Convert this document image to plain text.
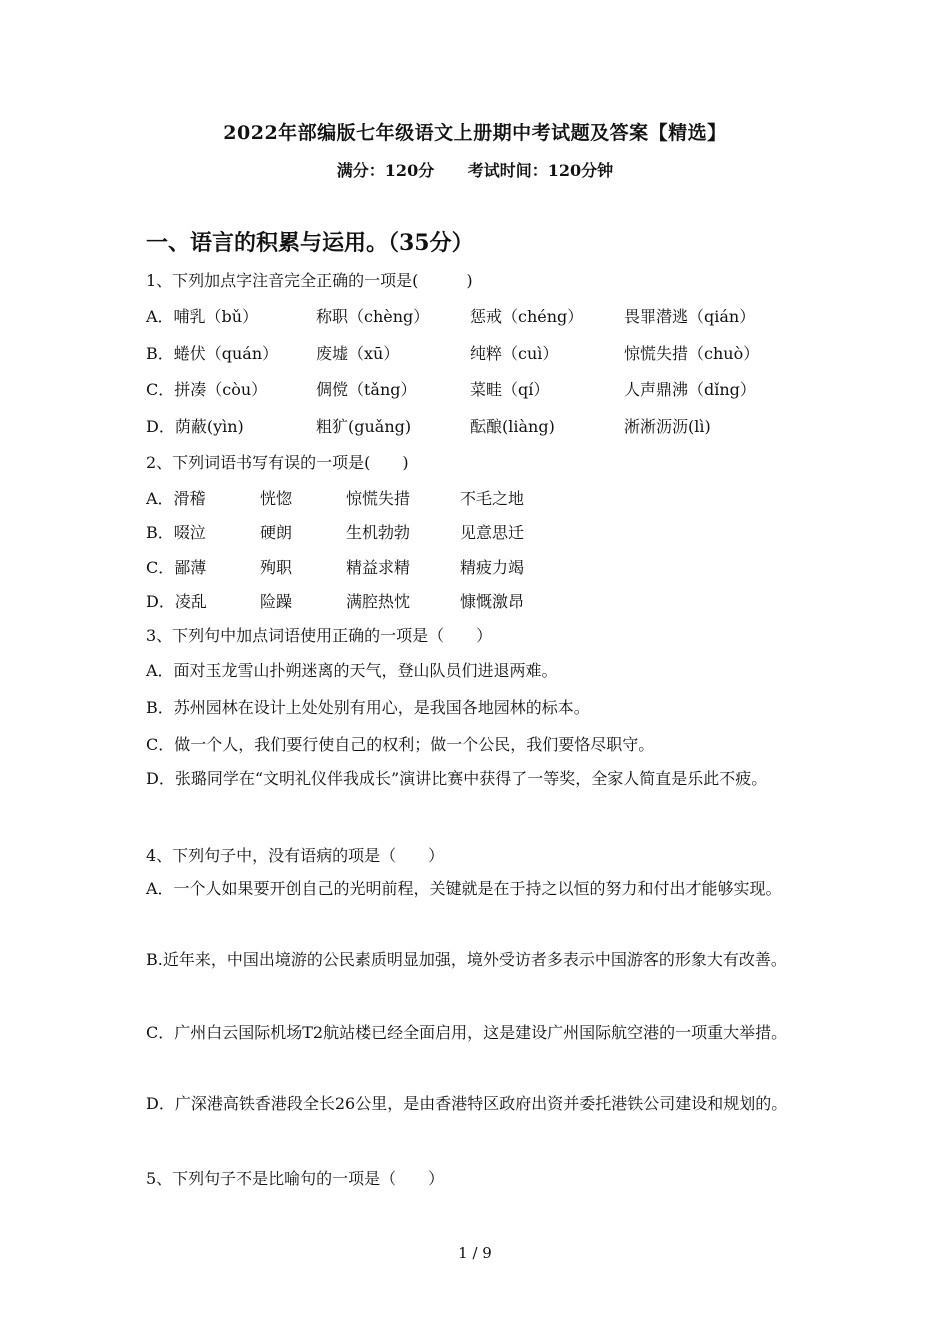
2022年部编版七年级语文上册期中考试题及答案【精选】
满分：120分 考试时间：120分钟
一、语言的积累与运用。（35分）
1、下列加点字注音完全正确的一项是(　　　)
A．哺乳（bǔ）	称职（chèng）	惩戒（chéng）	畏罪潜逃（qián）
B．蜷伏（quán） 废墟（xū）	纯粹（cuì）	惊慌失措（chuò）
C．拼凑（còu）	倜傥（tǎng）	菜畦（qí）	人声鼎沸（dǐng）
D．荫蔽(yìn)	粗犷(guǎng)	酝酿(liàng)	淅淅沥沥(lì)
2、下列词语书写有误的一项是(　　)
A．滑稽	恍惚	惊慌失措	不毛之地
B．啜泣	硬朗	生机勃勃	见意思迁
C．鄙薄	殉职	精益求精	精疲力竭
D．凌乱	险躁	满腔热忱	慷慨激昂
3、下列句中加点词语使用正确的一项是（　　）
A．面对玉龙雪山扑朔迷离的天气，登山队员们进退两难。
B．苏州园林在设计上处处别有用心，是我国各地园林的标本。
C．做一个人，我们要行使自己的权利；做一个公民，我们要恪尽职守。
D．张璐同学在“文明礼仪伴我成长”演讲比赛中获得了一等奖，全家人简直是乐此不疲。
4、下列句子中，没有语病的项是（　　）
A．一个人如果要开创自己的光明前程，关键就是在于持之以恒的努力和付出才能够实现。
B.近年来，中国出境游的公民素质明显加强，境外受访者多表示中国游客的形象大有改善。
C．广州白云国际机场T2航站楼已经全面启用，这是建设广州国际航空港的一项重大举措。
D．广深港高铁香港段全长26公里，是由香港特区政府出资并委托港铁公司建设和规划的。
5、下列句子不是比喻句的一项是（　　）
1 / 9
